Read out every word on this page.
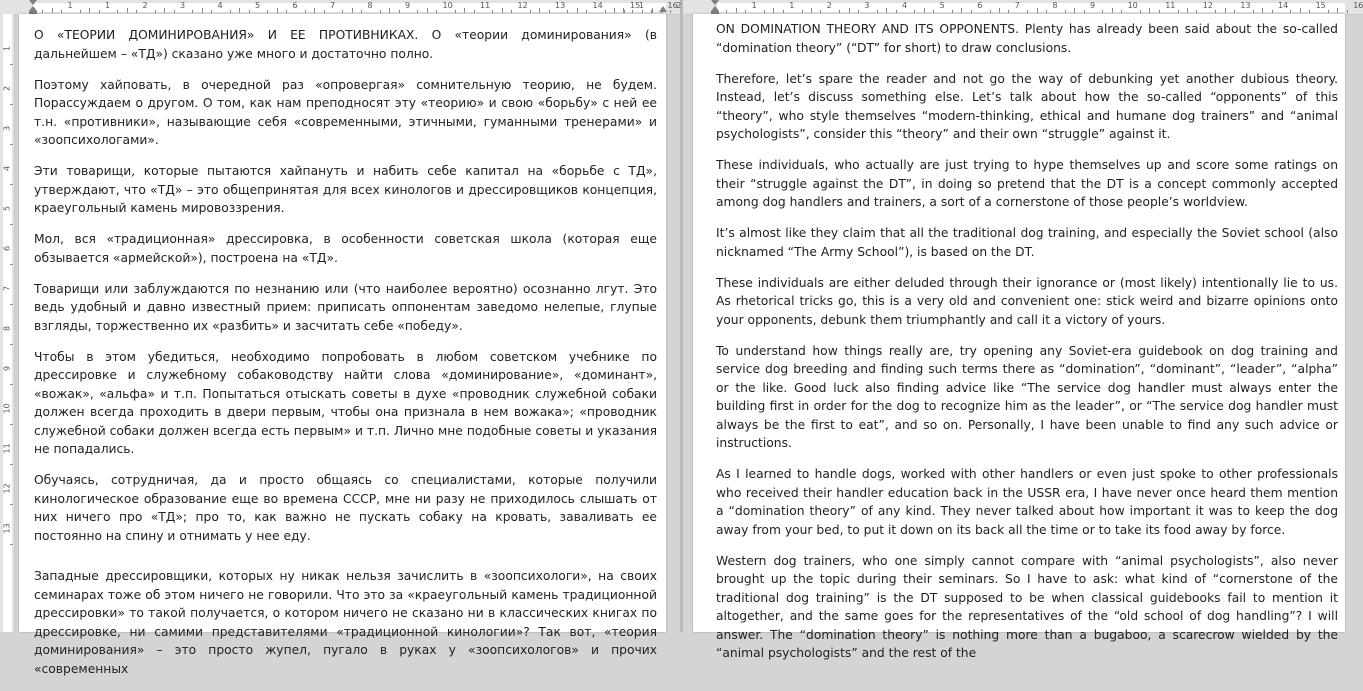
1	1	2	3	4	5	6	7	8	9	10	11	12	13	14	15	16
1
2
3
4
5
6
7
8
9
10
11
12
13

О «ТЕОРИИ ДОМИНИРОВАНИЯ» И ЕЕ ПРОТИВНИКАХ. О «теории доминирования» (в дальнейшем – «ТД») сказано уже много и достаточно полно.

Поэтому хайповать, в очередной раз «опровергая» сомнительную теорию, не будем. Порассуждаем о другом. О том, как нам преподносят эту «теорию» и свою «борьбу» с ней ее т.н. «противники», называющие себя «современными, этичными, гуманными тренерами» и «зоопсихологами».

Эти товарищи, которые пытаются хайпануть и набить себе капитал на «борьбе с ТД», утверждают, что «ТД» – это общепринятая для всех кинологов и дрессировщиков концепция, краеугольный камень мировоззрения.

Мол, вся «традиционная» дрессировка, в особенности советская школа (которая еще обзывается «армейской»), построена на «ТД».

Товарищи или заблуждаются по незнанию или (что наиболее вероятно) осознанно лгут. Это ведь удобный и давно известный прием: приписать оппонентам заведомо нелепые, глупые взгляды, торжественно их «разбить» и засчитать себе «победу».

Чтобы в этом убедиться, необходимо попробовать в любом советском учебнике по дрессировке и служебному собаководству найти слова «доминирование», «доминант», «вожак», «альфа» и т.п. Попытаться отыскать советы в духе «проводник служебной собаки должен всегда проходить в двери первым, чтобы она признала в нем вожака»; «проводник служебной собаки должен всегда есть первым» и т.п. Лично мне подобные советы и указания не попадались.

Обучаясь, сотрудничая, да и просто общаясь со специалистами, которые получили кинологическое образование еще во времена СССР, мне ни разу не приходилось слышать от них ничего про «ТД»; про то, как важно не пускать собаку на кровать, заваливать ее постоянно на спину и отнимать у нее еду.

Западные дрессировщики, которых ну никак нельзя зачислить в «зоопсихологи», на своих семинарах тоже об этом ничего не говорили. Что это за «краеугольный камень традиционной дрессировки» то такой получается, о котором ничего не сказано ни в классических книгах по дрессировке, ни самими представителями «традиционной кинологии»? Так вот, «теория доминирования» – это просто жупел, пугало в руках у «зоопсихологов» и прочих «современных

1	2	1	1	2	3	4	5	6	7	8	9	10	11	12	13	14	15	16

ON DOMINATION THEORY AND ITS OPPONENTS. Plenty has already been said about the so-called “domination theory” (“DT” for short) to draw conclusions.

Therefore, let’s spare the reader and not go the way of debunking yet another dubious theory. Instead, let’s discuss something else. Let’s talk about how the so-called “opponents” of this “theory”, who style themselves “modern-thinking, ethical and humane dog trainers” and “animal psychologists”, consider this “theory” and their own “struggle” against it.

These individuals, who actually are just trying to hype themselves up and score some ratings on their “struggle against the DT”, in doing so pretend that the DT is a concept commonly accepted among dog handlers and trainers, a sort of a cornerstone of those people’s worldview.

It’s almost like they claim that all the traditional dog training, and especially the Soviet school (also nicknamed “The Army School”), is based on the DT.

These individuals are either deluded through their ignorance or (most likely) intentionally lie to us. As rhetorical tricks go, this is a very old and convenient one: stick weird and bizarre opinions onto your opponents, debunk them triumphantly and call it a victory of yours.

To understand how things really are, try opening any Soviet-era guidebook on dog training and service dog breeding and finding such terms there as “domination”, “dominant”, “leader”, “alpha” or the like. Good luck also finding advice like “The service dog handler must always enter the building first in order for the dog to recognize him as the leader”, or “The service dog handler must always be the first to eat”, and so on. Personally, I have been unable to find any such advice or instructions.

As I learned to handle dogs, worked with other handlers or even just spoke to other professionals who received their handler education back in the USSR era, I have never once heard them mention a “domination theory” of any kind. They never talked about how important it was to keep the dog away from your bed, to put it down on its back all the time or to take its food away by force.

Western dog trainers, who one simply cannot compare with “animal psychologists”, also never brought up the topic during their seminars. So I have to ask: what kind of “cornerstone of the traditional dog training” is the DT supposed to be when classical guidebooks fail to mention it altogether, and the same goes for the representatives of the “old school of dog handling”? I will answer. The “domination theory” is nothing more than a bugaboo, a scarecrow wielded by the “animal psychologists” and the rest of the
